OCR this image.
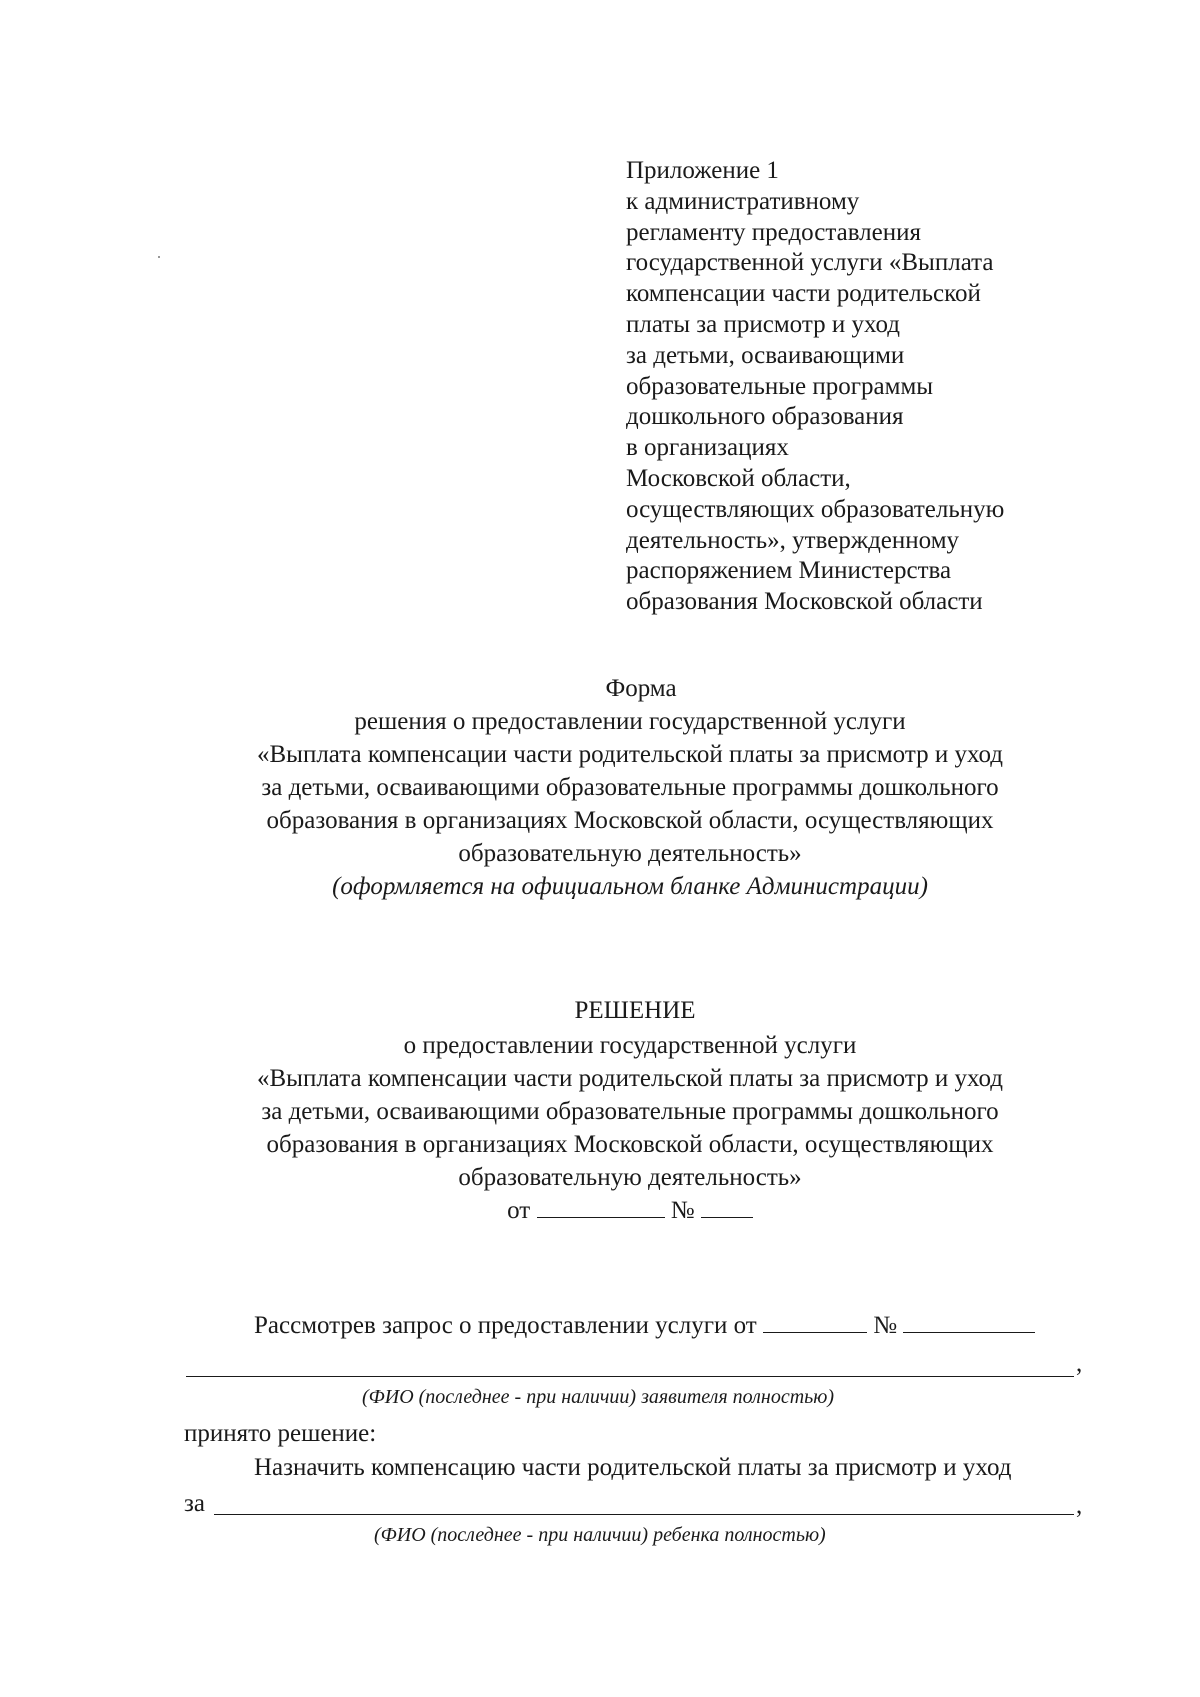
Приложение 1
к административному
регламенту предоставления
государственной услуги «Выплата
компенсации части родительской
платы за присмотр и уход
за детьми, осваивающими
образовательные программы
дошкольного образования
в организациях
Московской области,
осуществляющих образовательную
деятельность», утвержденному
распоряжением Министерства
образования Московской области
Форма
решения о предоставлении государственной услуги
«Выплата компенсации части родительской платы за присмотр и уход
за детьми, осваивающими образовательные программы дошкольного
образования в организациях Московской области, осуществляющих
образовательную деятельность»
(оформляется на официальном бланке Администрации)
РЕШЕНИЕ
о предоставлении государственной услуги
«Выплата компенсации части родительской платы за присмотр и уход
за детьми, осваивающими образовательные программы дошкольного
образования в организациях Московской области, осуществляющих
образовательную деятельность»
от	№
Рассмотрев запрос о предоставлении услуги от	№
,
(ФИО (последнее - при наличии) заявителя полностью)
принято решение:
Назначить компенсацию части родительской платы за присмотр и уход
за	,
(ФИО (последнее - при наличии) ребенка полностью)
